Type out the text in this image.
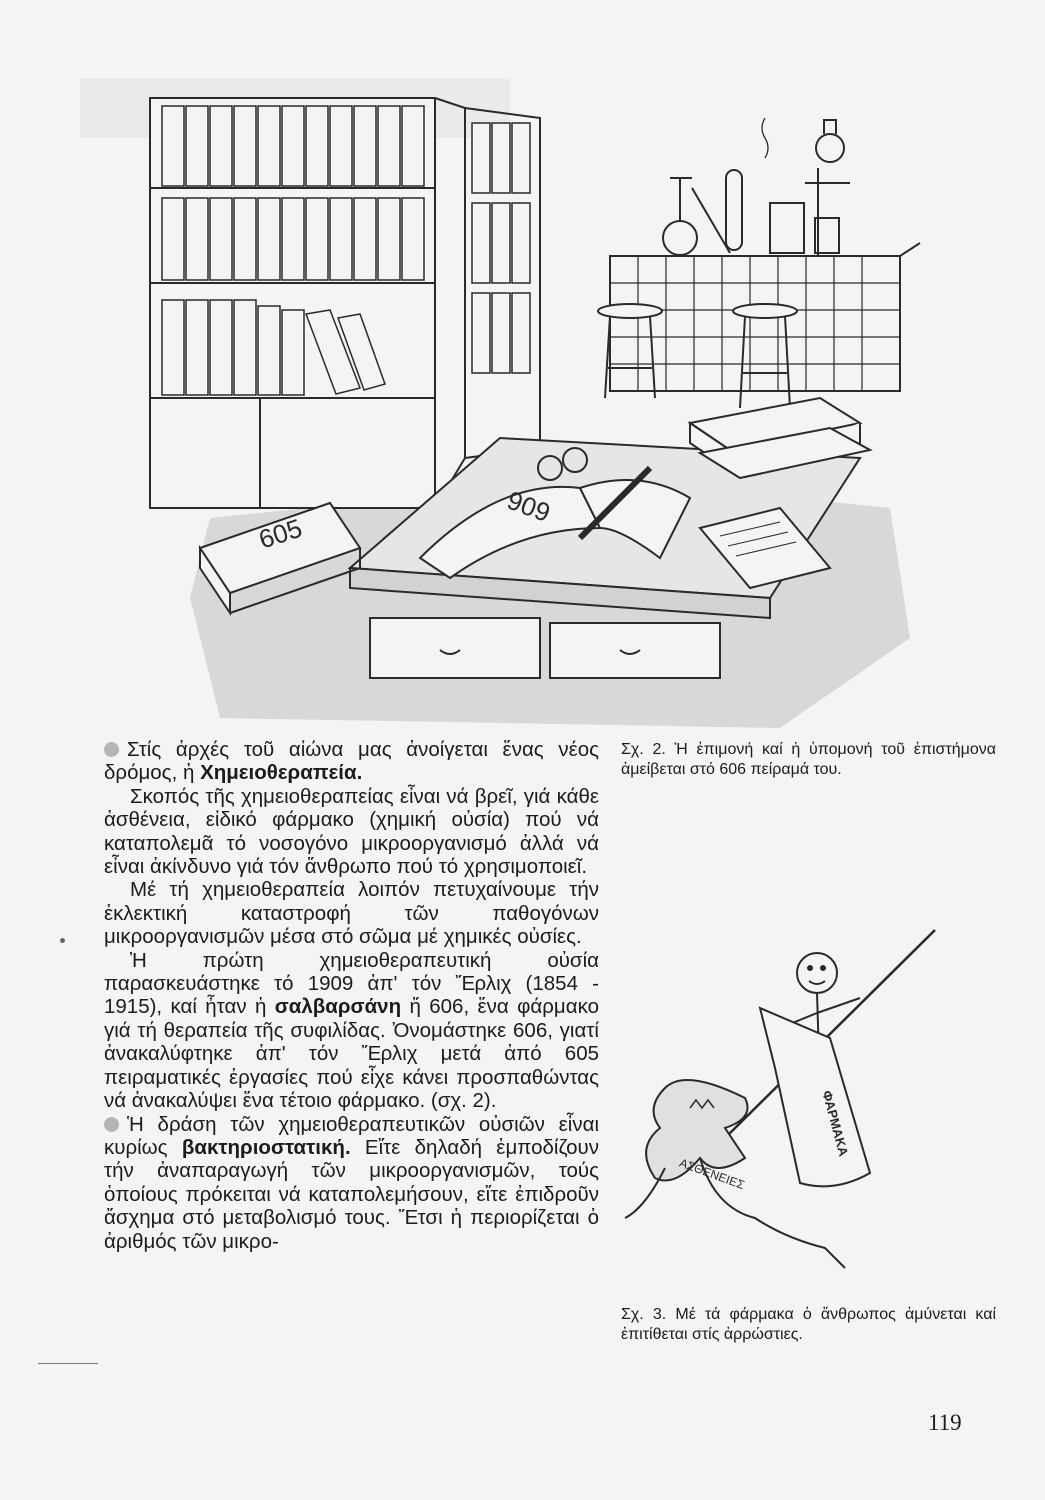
605
606
ΦΑΡΜΑΚΑ
ΑΣΘΕΝΕΙΕΣ
Σχ. 2. Ἡ ἐπιμονή καί ἡ ὑπομονή τοῦ ἐπιστήμονα ἀμείβεται στό 606 πείραμά του.

Στίς ἀρχές τοῦ αἰώνα μας ἀνοίγεται ἕνας νέος δρόμος, ἡ Χημειοθεραπεία.

Σκοπός τῆς χημειοθεραπείας εἶναι νά βρεῖ, γιά κάθε ἀσθένεια, εἰδικό φάρμακο (χημική οὐσία) πού νά καταπολεμᾶ τό νοσογόνο μικροοργανισμό ἀλλά νά εἶναι ἀκίνδυνο γιά τόν ἄνθρωπο πού τό χρησιμοποιεῖ.

Μέ τή χημειοθεραπεία λοιπόν πετυχαίνουμε τήν ἐκλεκτική καταστροφή τῶν παθογόνων μικροοργανισμῶν μέσα στό σῶμα μέ χημικές οὐσίες.

Ἡ πρώτη χημειοθεραπευτική οὐσία παρασκευάστηκε τό 1909 ἀπ' τόν Ἔρλιχ (1854 - 1915), καί ἦταν ἡ σαλβαρσάνη ἤ 606, ἕνα φάρμακο γιά τή θεραπεία τῆς συφιλίδας. Ὀνομάστηκε 606, γιατί ἀνακαλύφτηκε ἀπ' τόν Ἔρλιχ μετά ἀπό 605 πειραματικές ἐργασίες πού εἶχε κάνει προσπαθώντας νά ἀνακαλύψει ἕνα τέτοιο φάρμακο. (σχ. 2).

Ἡ δράση τῶν χημειοθεραπευτικῶν οὐσιῶν εἶναι κυρίως βακτηριοστατική. Εἴτε δηλαδή ἐμποδίζουν τήν ἀναπαραγωγή τῶν μικροοργανισμῶν, τούς ὁποίους πρόκειται νά καταπολεμήσουν, εἴτε ἐπιδροῦν ἄσχημα στό μεταβολισμό τους. Ἔτσι ἡ περιορίζεται ὁ ἀριθμός τῶν μικρο-

Σχ. 3. Μέ τά φάρμακα ὁ ἄνθρωπος ἀμύνεται καί ἐπιτίθεται στίς ἀρρώστιες.
119
